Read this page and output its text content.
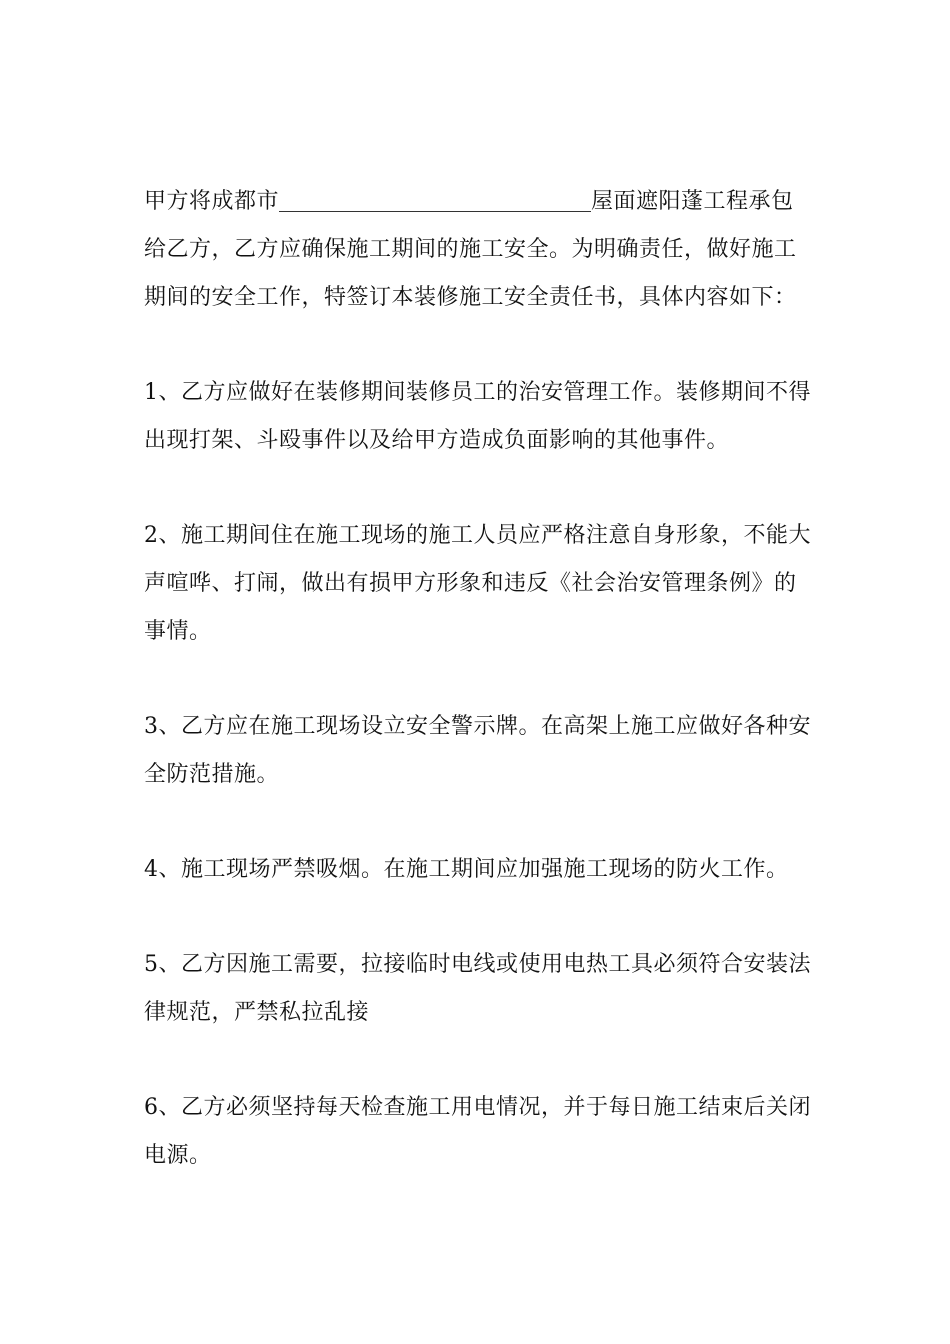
甲方将成都市	屋面遮阳蓬工程承包
给乙方，乙方应确保施工期间的施工安全。为明确责任，做好施工
期间的安全工作，特签订本装修施工安全责任书，具体内容如下：

1、乙方应做好在装修期间装修员工的治安管理工作。装修期间不得
出现打架、斗殴事件以及给甲方造成负面影响的其他事件。

2、施工期间住在施工现场的施工人员应严格注意自身形象，不能大
声喧哗、打闹，做出有损甲方形象和违反《社会治安管理条例》的
事情。

3、乙方应在施工现场设立安全警示牌。在高架上施工应做好各种安
全防范措施。

4、施工现场严禁吸烟。在施工期间应加强施工现场的防火工作。

5、乙方因施工需要，拉接临时电线或使用电热工具必须符合安装法
律规范，严禁私拉乱接

6、乙方必须坚持每天检查施工用电情况，并于每日施工结束后关闭
电源。
